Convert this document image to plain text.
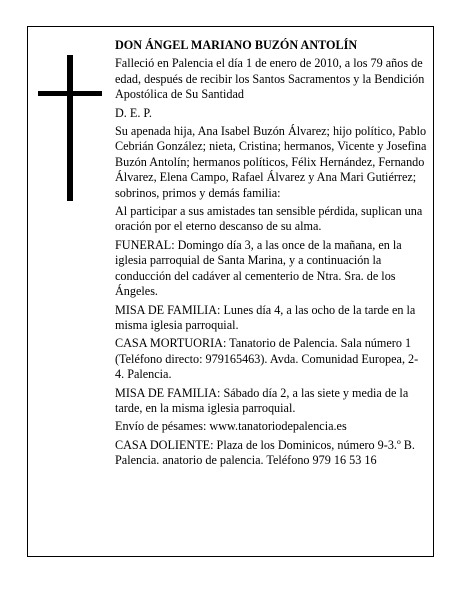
DON ÁNGEL MARIANO BUZÓN ANTOLÍN

Falleció en Palencia el día 1 de enero de 2010, a los 79 años de edad, después de recibir los Santos Sacramentos y la Bendición Apostólica de Su Santidad

D. E. P.

Su apenada hija, Ana Isabel Buzón Álvarez; hijo político, Pablo Cebrián González; nieta, Cristina; hermanos, Vicente y Josefina Buzón Antolín; hermanos políticos, Félix Hernández, Fernando Álvarez, Elena Campo, Rafael Álvarez y Ana Mari Gutiérrez; sobrinos, primos y demás familia:

Al participar a sus amistades tan sensible pérdida, suplican una oración por el eterno descanso de su alma.

FUNERAL: Domingo día 3, a las once de la mañana, en la iglesia parroquial de Santa Marina, y a continuación la conducción del cadáver al cementerio de Ntra. Sra. de los Ángeles.

MISA DE FAMILIA: Lunes día 4, a las ocho de la tarde en la misma iglesia parroquial.

CASA MORTUORIA: Tanatorio de Palencia. Sala número 1 (Teléfono directo: 979165463). Avda. Comunidad Europea, 2-4. Palencia.

MISA DE FAMILIA: Sábado día 2, a las siete y media de la tarde, en la misma iglesia parroquial.

Envío de pésames: www.tanatoriodepalencia.es

CASA DOLIENTE: Plaza de los Dominicos, número 9-3.º B. Palencia. anatorio de palencia. Teléfono 979 16 53 16
